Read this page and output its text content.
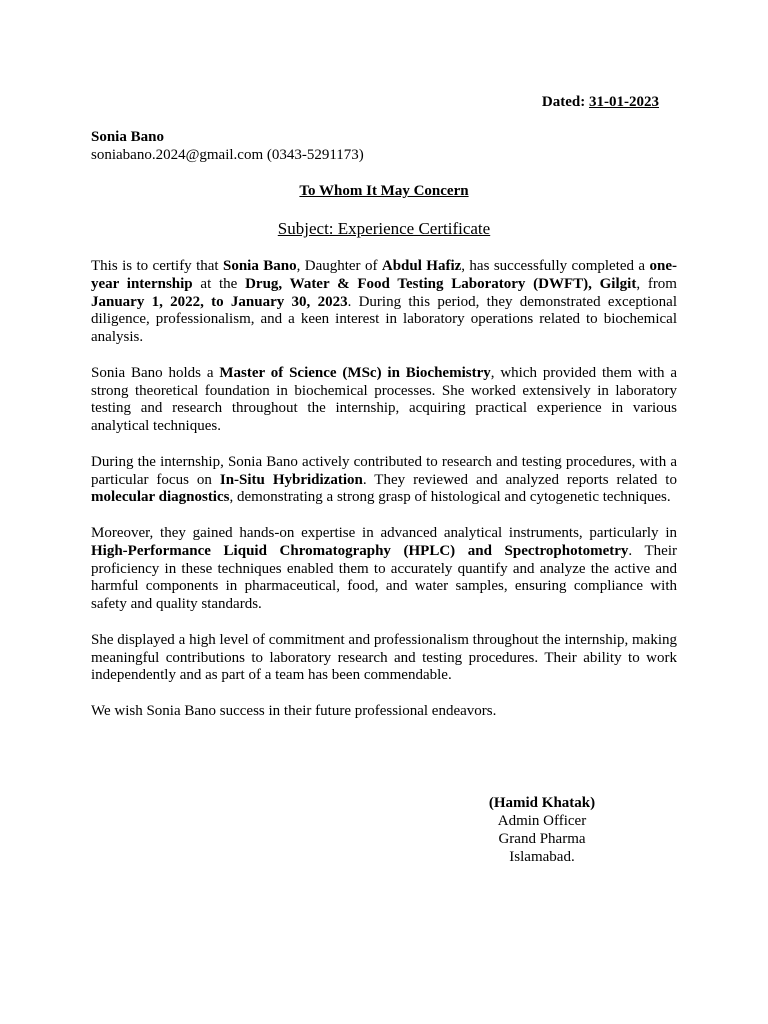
Dated: 31-01-2023
Sonia Bano
soniabano.2024@gmail.com (0343-5291173)
To Whom It May Concern
Subject: Experience Certificate

This is to certify that Sonia Bano, Daughter of Abdul Hafiz, has successfully completed a one-year internship at the Drug, Water & Food Testing Laboratory (DWFT), Gilgit, from January 1, 2022, to January 30, 2023. During this period, they demonstrated exceptional diligence, professionalism, and a keen interest in laboratory operations related to biochemical analysis.

Sonia Bano holds a Master of Science (MSc) in Biochemistry, which provided them with a strong theoretical foundation in biochemical processes. She worked extensively in laboratory testing and research throughout the internship, acquiring practical experience in various analytical techniques.

During the internship, Sonia Bano actively contributed to research and testing procedures, with a particular focus on In-Situ Hybridization. They reviewed and analyzed reports related to molecular diagnostics, demonstrating a strong grasp of histological and cytogenetic techniques.

Moreover, they gained hands-on expertise in advanced analytical instruments, particularly in High-Performance Liquid Chromatography (HPLC) and Spectrophotometry. Their proficiency in these techniques enabled them to accurately quantify and analyze the active and harmful components in pharmaceutical, food, and water samples, ensuring compliance with safety and quality standards.

She displayed a high level of commitment and professionalism throughout the internship, making meaningful contributions to laboratory research and testing procedures. Their ability to work independently and as part of a team has been commendable.

We wish Sonia Bano success in their future professional endeavors.

(Hamid Khatak)
Admin Officer
Grand Pharma
Islamabad.
